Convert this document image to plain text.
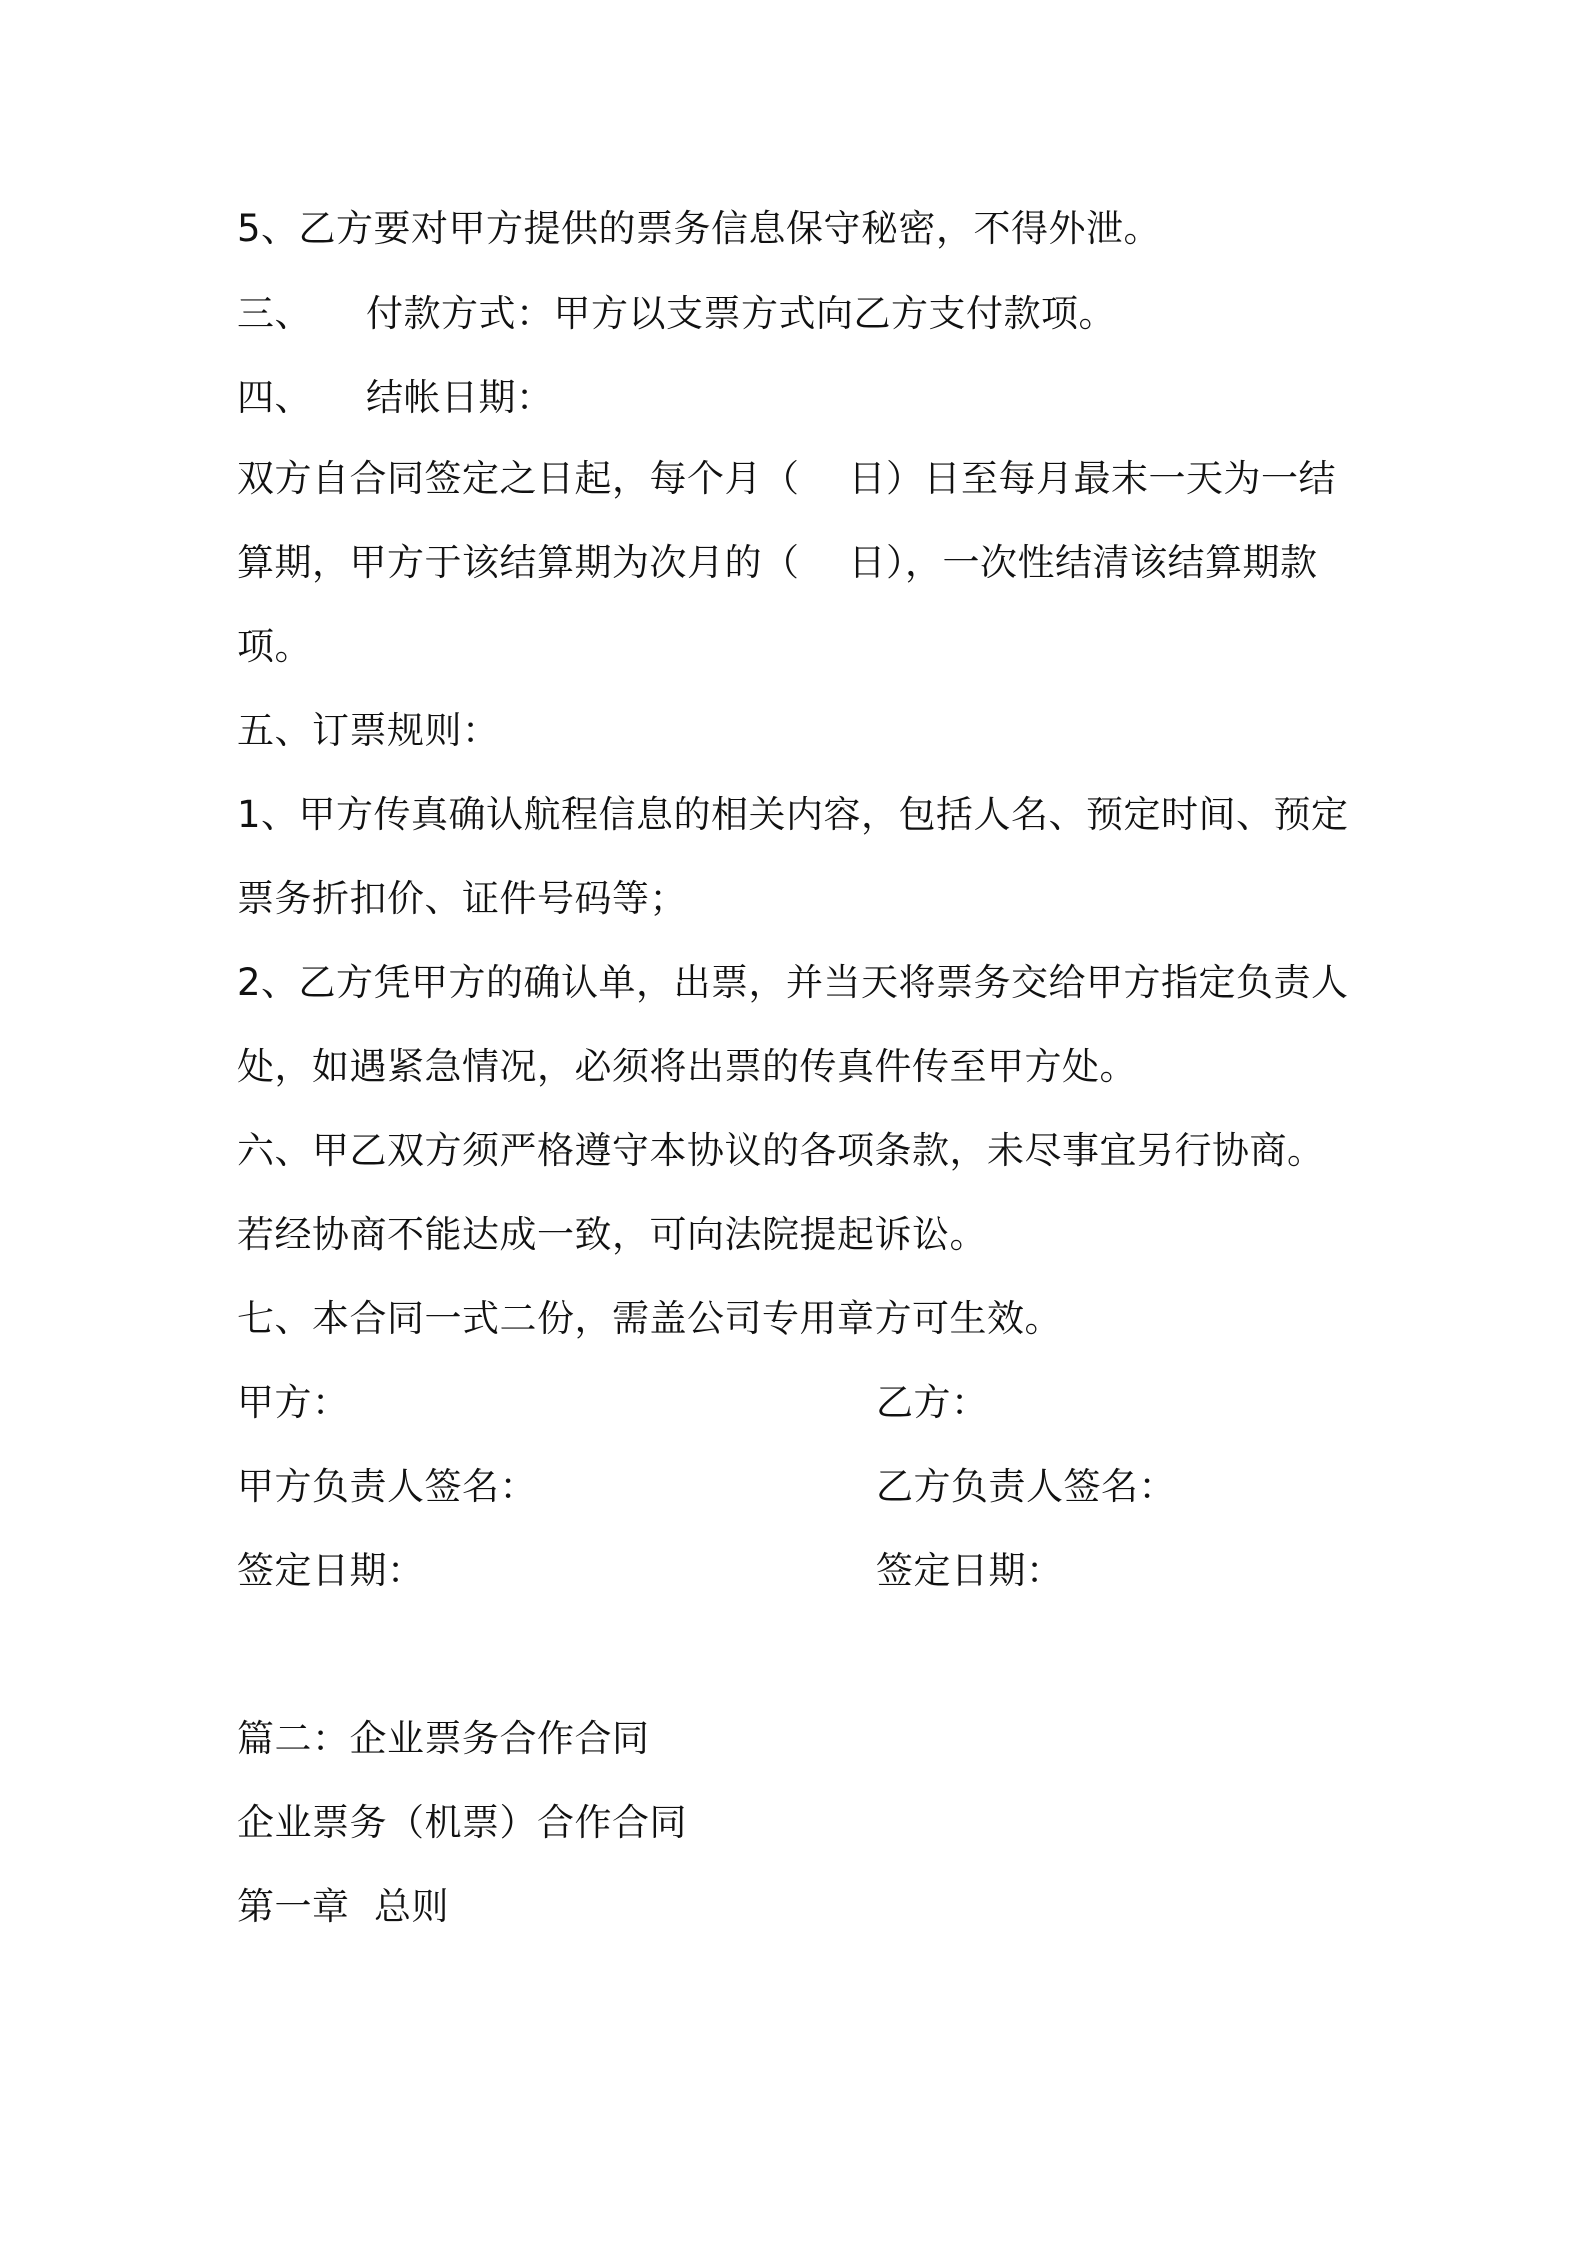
5、乙方要对甲方提供的票务信息保守秘密，不得外泄。
三、 付款方式：甲方以支票方式向乙方支付款项。
四、 结帐日期：
双方自合同签定之日起，每个月（    日）日至每月最末一天为一结
算期，甲方于该结算期为次月的（    日），一次性结清该结算期款
项。
五、订票规则：
1、甲方传真确认航程信息的相关内容，包括人名、预定时间、预定
票务折扣价、证件号码等；
2、乙方凭甲方的确认单，出票，并当天将票务交给甲方指定负责人
处，如遇紧急情况，必须将出票的传真件传至甲方处。
六、甲乙双方须严格遵守本协议的各项条款，未尽事宜另行协商。
若经协商不能达成一致，可向法院提起诉讼。
七、本合同一式二份，需盖公司专用章方可生效。
甲方：	乙方：
甲方负责人签名：	乙方负责人签名：
签定日期：	签定日期：
篇二：企业票务合作合同
企业票务（机票）合作合同
第一章  总则
